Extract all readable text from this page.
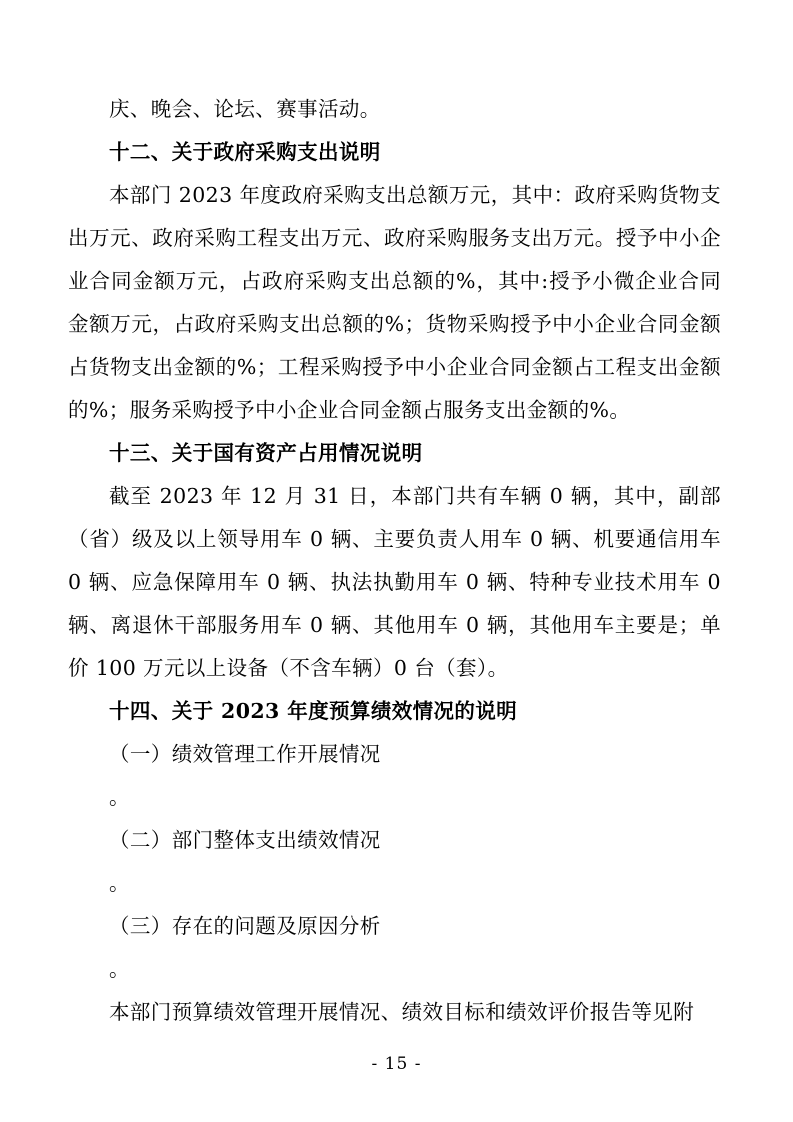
庆、晚会、论坛、赛事活动。

十二、关于政府采购支出说明

本部门 2023 年度政府采购支出总额万元，其中：政府采购货物支出万元、政府采购工程支出万元、政府采购服务支出万元。授予中小企业合同金额万元，占政府采购支出总额的%，其中:授予小微企业合同金额万元，占政府采购支出总额的%；货物采购授予中小企业合同金额占货物支出金额的%；工程采购授予中小企业合同金额占工程支出金额的%；服务采购授予中小企业合同金额占服务支出金额的%。

十三、关于国有资产占用情况说明

截至 2023 年 12 月 31 日，本部门共有车辆 0 辆，其中，副部（省）级及以上领导用车 0 辆、主要负责人用车 0 辆、机要通信用车 0 辆、应急保障用车 0 辆、执法执勤用车 0 辆、特种专业技术用车 0 辆、离退休干部服务用车 0 辆、其他用车 0 辆，其他用车主要是；单价 100 万元以上设备（不含车辆）0 台（套）。

十四、关于 2023 年度预算绩效情况的说明

（一）绩效管理工作开展情况

。

（二）部门整体支出绩效情况

。

（三）存在的问题及原因分析

。

本部门预算绩效管理开展情况、绩效目标和绩效评价报告等见附

- 15 -
